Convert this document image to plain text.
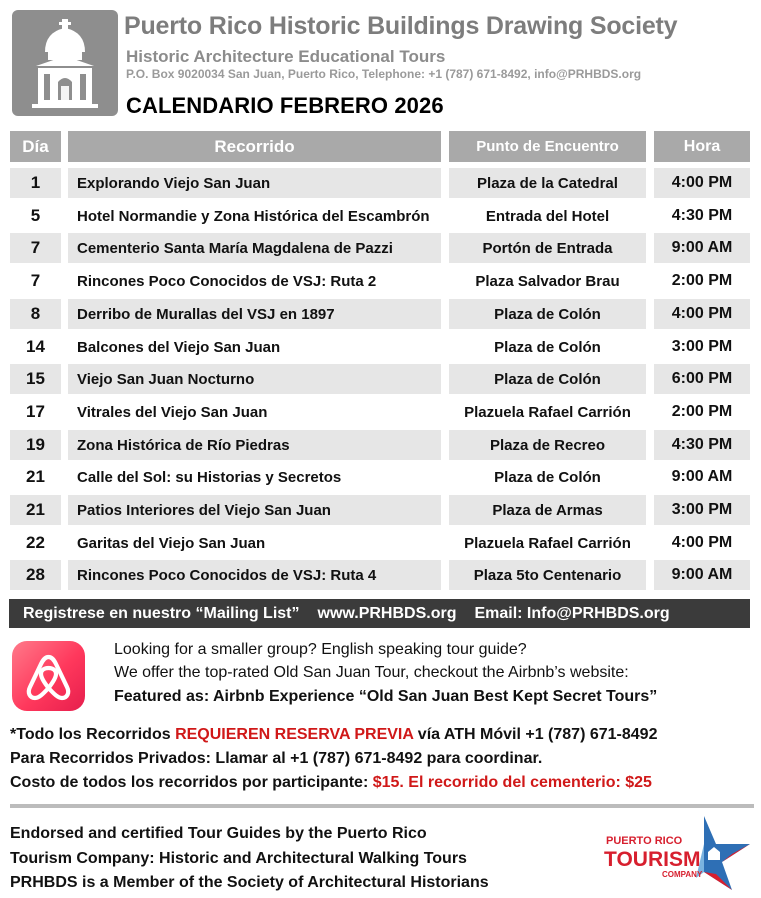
Puerto Rico Historic Buildings Drawing Society
Historic Architecture Educational Tours
P.O. Box 9020034 San Juan, Puerto Rico, Telephone: +1 (787) 671-8492, info@PRHBDS.org
CALENDARIO FEBRERO 2026
Día	Recorrido	Punto de Encuentro	Hora
1	Explorando Viejo San Juan	Plaza de la Catedral	4:00 PM
5	Hotel Normandie y Zona Histórica del Escambrón	Entrada del Hotel	4:30 PM
7	Cementerio Santa María Magdalena de Pazzi	Portón de Entrada	9:00 AM
7	Rincones Poco Conocidos de VSJ: Ruta 2	Plaza Salvador Brau	2:00 PM
8	Derribo de Murallas del VSJ en 1897	Plaza de Colón	4:00 PM
14	Balcones del Viejo San Juan	Plaza de Colón	3:00 PM
15	Viejo San Juan Nocturno	Plaza de Colón	6:00 PM
17	Vitrales del Viejo San Juan	Plazuela Rafael Carrión	2:00 PM
19	Zona Histórica de Río Piedras	Plaza de Recreo	4:30 PM
21	Calle del Sol: su Historias y Secretos	Plaza de Colón	9:00 AM
21	Patios Interiores del Viejo San Juan	Plaza de Armas	3:00 PM
22	Garitas del Viejo San Juan	Plazuela Rafael Carrión	4:00 PM
28	Rincones Poco Conocidos de VSJ: Ruta 4	Plaza 5to Centenario	9:00 AM
Registrese en nuestro “Mailing List” www.PRHBDS.org Email: Info@PRHBDS.org
Looking for a smaller group? English speaking tour guide?
We offer the top-rated Old San Juan Tour, checkout the Airbnb’s website:
Featured as: Airbnb Experience “Old San Juan Best Kept Secret Tours”
*Todo los Recorridos REQUIEREN RESERVA PREVIA vía ATH Móvil +1 (787) 671-8492
Para Recorridos Privados: Llamar al +1 (787) 671-8492 para coordinar.
Costo de todos los recorridos por participante: $15. El recorrido del cementerio: $25
Endorsed and certified Tour Guides by the Puerto Rico
Tourism Company: Historic and Architectural Walking Tours
PRHBDS is a Member of the Society of Architectural Historians
PUERTO RICO
TOURISM
COMPANY
